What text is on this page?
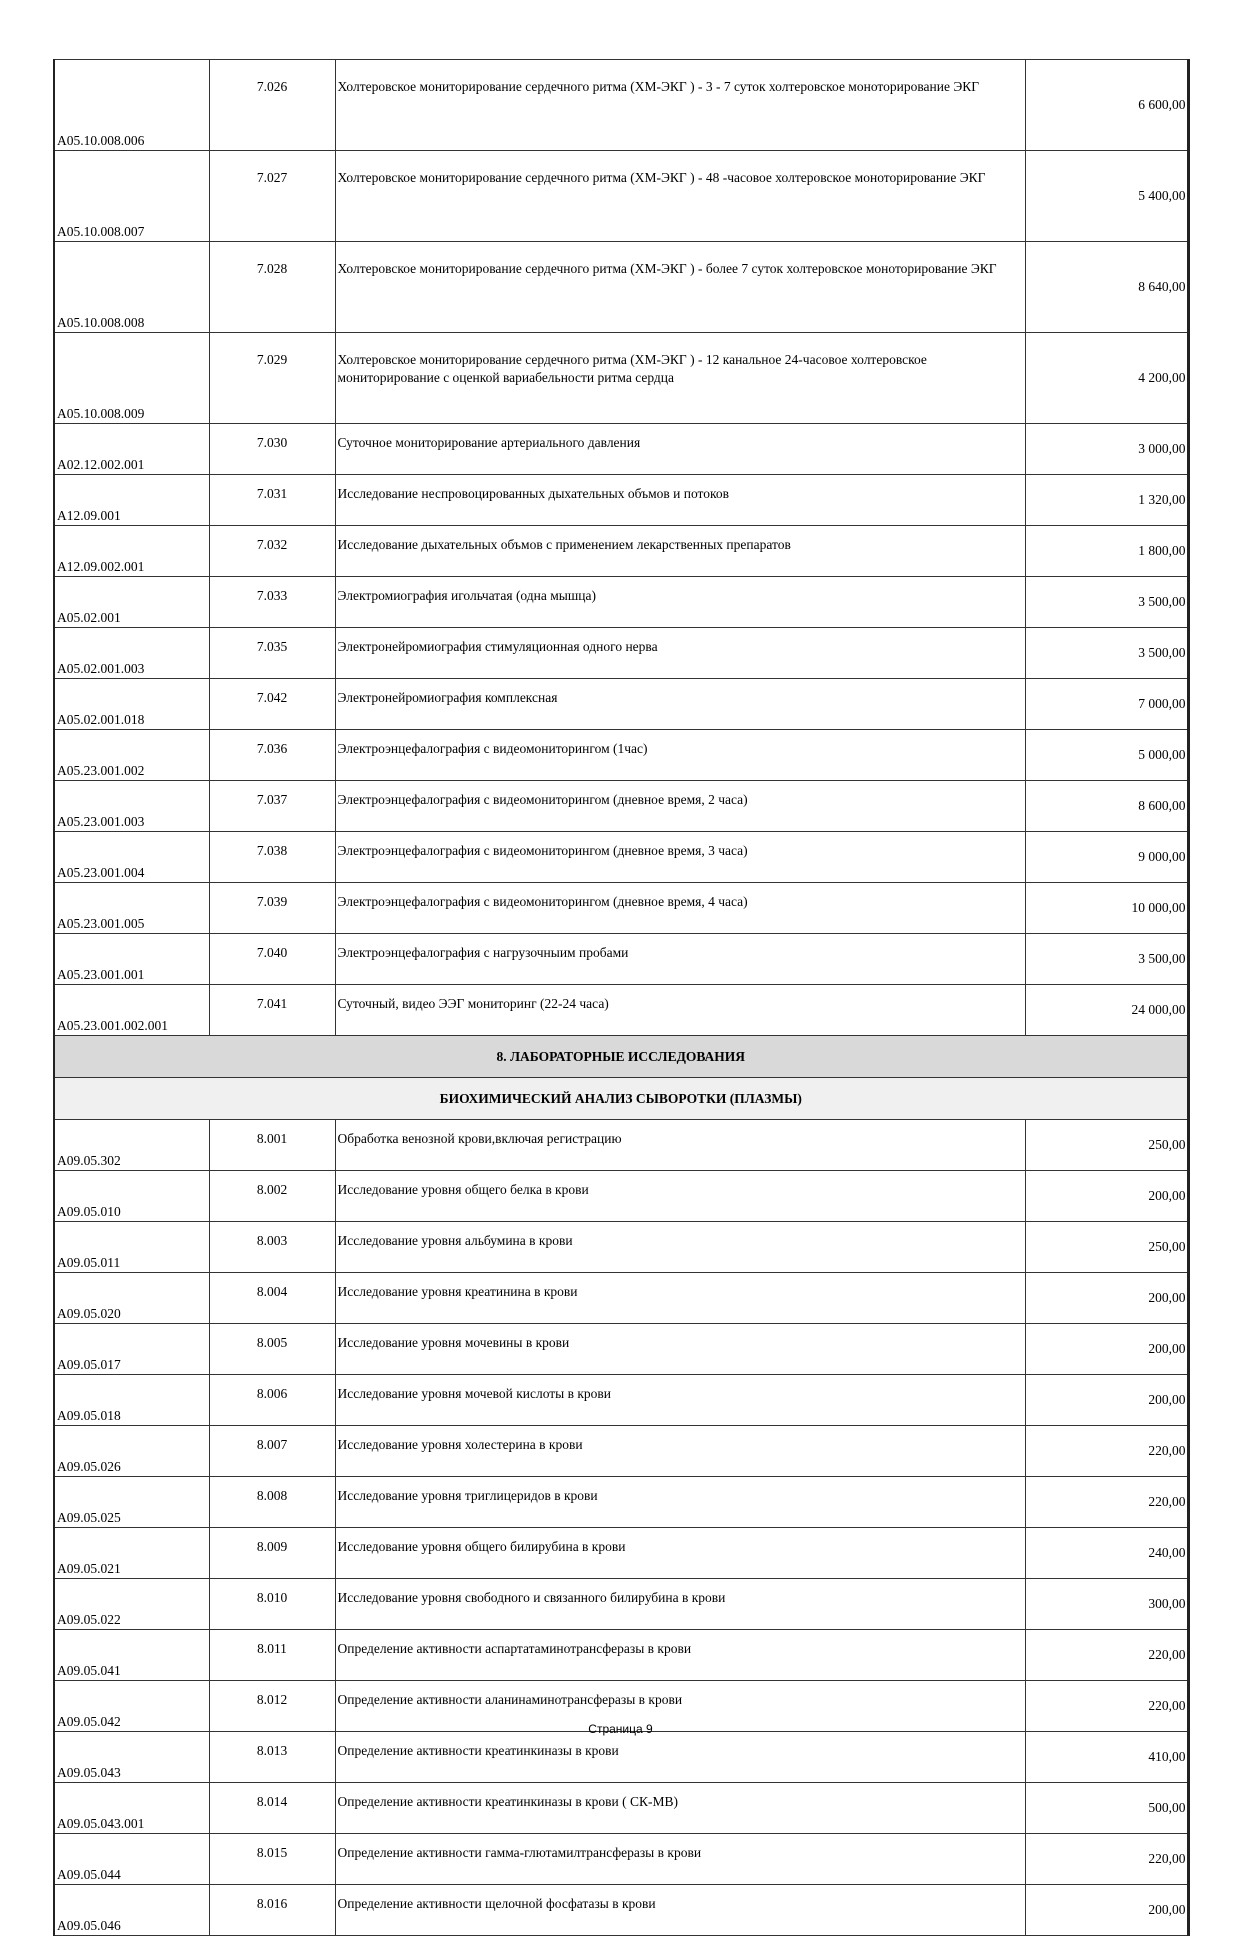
A05.10.008.006	7.026	Холтеровское мониторирование сердечного ритма (ХМ-ЭКГ ) - 3 - 7 суток холтеровское моноторирование ЭКГ	6 600,00
A05.10.008.007	7.027	Холтеровское мониторирование сердечного ритма (ХМ-ЭКГ ) - 48 -часовое холтеровское моноторирование ЭКГ	5 400,00
A05.10.008.008	7.028	Холтеровское мониторирование сердечного ритма (ХМ-ЭКГ ) - более 7 суток холтеровское моноторирование ЭКГ	8 640,00
A05.10.008.009	7.029	Холтеровское мониторирование сердечного ритма (ХМ-ЭКГ ) - 12 канальное 24-часовое холтеровское мониторирование с оценкой вариабельности ритма сердца	4 200,00
A02.12.002.001	7.030	Суточное мониторирование артериального давления	3 000,00
A12.09.001	7.031	Исследование неспровоцированных дыхательных объмов и потоков	1 320,00
A12.09.002.001	7.032	Исследование дыхательных объмов с применением лекарственных препаратов	1 800,00
A05.02.001	7.033	Электромиография игольчатая (одна мышца)	3 500,00
A05.02.001.003	7.035	Электронейромиография стимуляционная одного нерва	3 500,00
A05.02.001.018	7.042	Электронейромиография комплексная	7 000,00
A05.23.001.002	7.036	Электроэнцефалография с видеомониторингом (1час)	5 000,00
A05.23.001.003	7.037	Электроэнцефалография с видеомониторингом (дневное время, 2 часа)	8 600,00
A05.23.001.004	7.038	Электроэнцефалография с видеомониторингом (дневное время, 3 часа)	9 000,00
A05.23.001.005	7.039	Электроэнцефалография с видеомониторингом (дневное время, 4 часа)	10 000,00
A05.23.001.001	7.040	Электроэнцефалография с нагрузочныим пробами	3 500,00
A05.23.001.002.001	7.041	Суточный, видео ЭЭГ мониторинг (22-24 часа)	24 000,00
8. ЛАБОРАТОРНЫЕ ИССЛЕДОВАНИЯ			
БИОХИМИЧЕСКИЙ АНАЛИЗ СЫВОРОТКИ (ПЛАЗМЫ)			
A09.05.302	8.001	Обработка венозной крови,включая регистрацию	250,00
A09.05.010	8.002	Исследование уровня общего белка в крови	200,00
A09.05.011	8.003	Исследование уровня альбумина в крови	250,00
A09.05.020	8.004	Исследование уровня креатинина в крови	200,00
A09.05.017	8.005	Исследование уровня мочевины в крови	200,00
A09.05.018	8.006	Исследование уровня мочевой кислоты в крови	200,00
A09.05.026	8.007	Исследование уровня холестерина в крови	220,00
A09.05.025	8.008	Исследование уровня триглицеридов в крови	220,00
A09.05.021	8.009	Исследование уровня общего билирубина в крови	240,00
A09.05.022	8.010	Исследование уровня свободного и связанного билирубина в крови	300,00
A09.05.041	8.011	Определение активности аспартатаминотрансферазы в крови	220,00
A09.05.042	8.012	Определение активности аланинаминотрансферазы в крови	220,00
A09.05.043	8.013	Определение активности креатинкиназы в крови	410,00
A09.05.043.001	8.014	Определение активности креатинкиназы в крови ( СК-МВ)	500,00
A09.05.044	8.015	Определение активности гамма-глютамилтрансферазы в крови	220,00
A09.05.046	8.016	Определение активности щелочной фосфатазы в крови	200,00
Страница 9
